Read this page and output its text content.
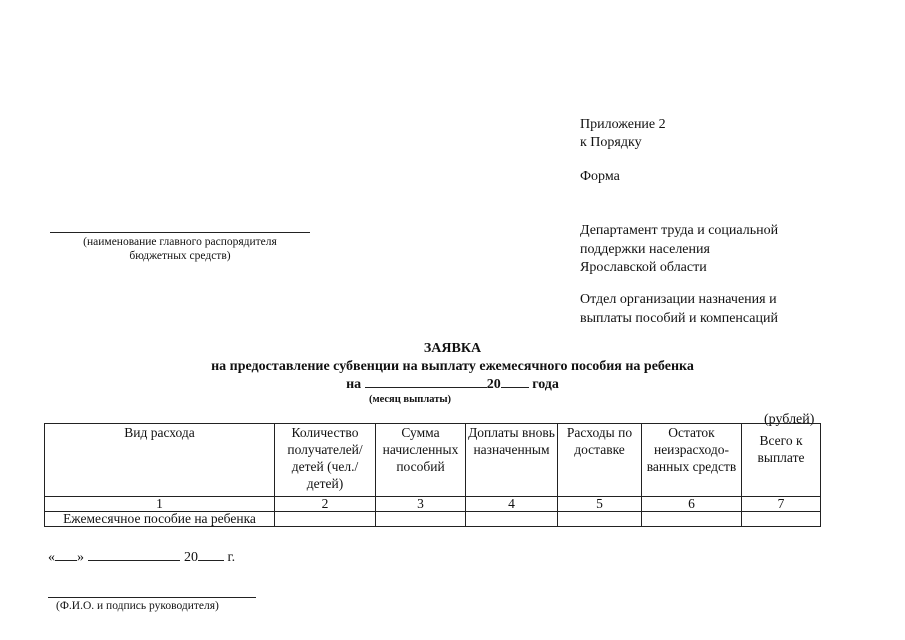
Приложение 2
к Порядку
Форма
Департамент труда и социальной
поддержки населения
Ярославской области
Отдел организации назначения и
выплаты пособий и компенсаций
(наименование главного распорядителя
бюджетных средств)
ЗАЯВКА
на предоставление субвенции на выплату ежемесячного пособия на ребенка
на	20 года
(месяц выплаты)
(рублей)
Вид расхода	Количество получателей/ детей (чел./детей)	Сумма начисленных пособий	Доплаты вновь назначенным	Расходы по доставке	Остаток неизрасходо- ванных средств	Всего к выплате
1	2	3	4	5	6	7
Ежемесячное пособие на ребенка						
« »	20 г.
(Ф.И.О. и подпись руководителя)
